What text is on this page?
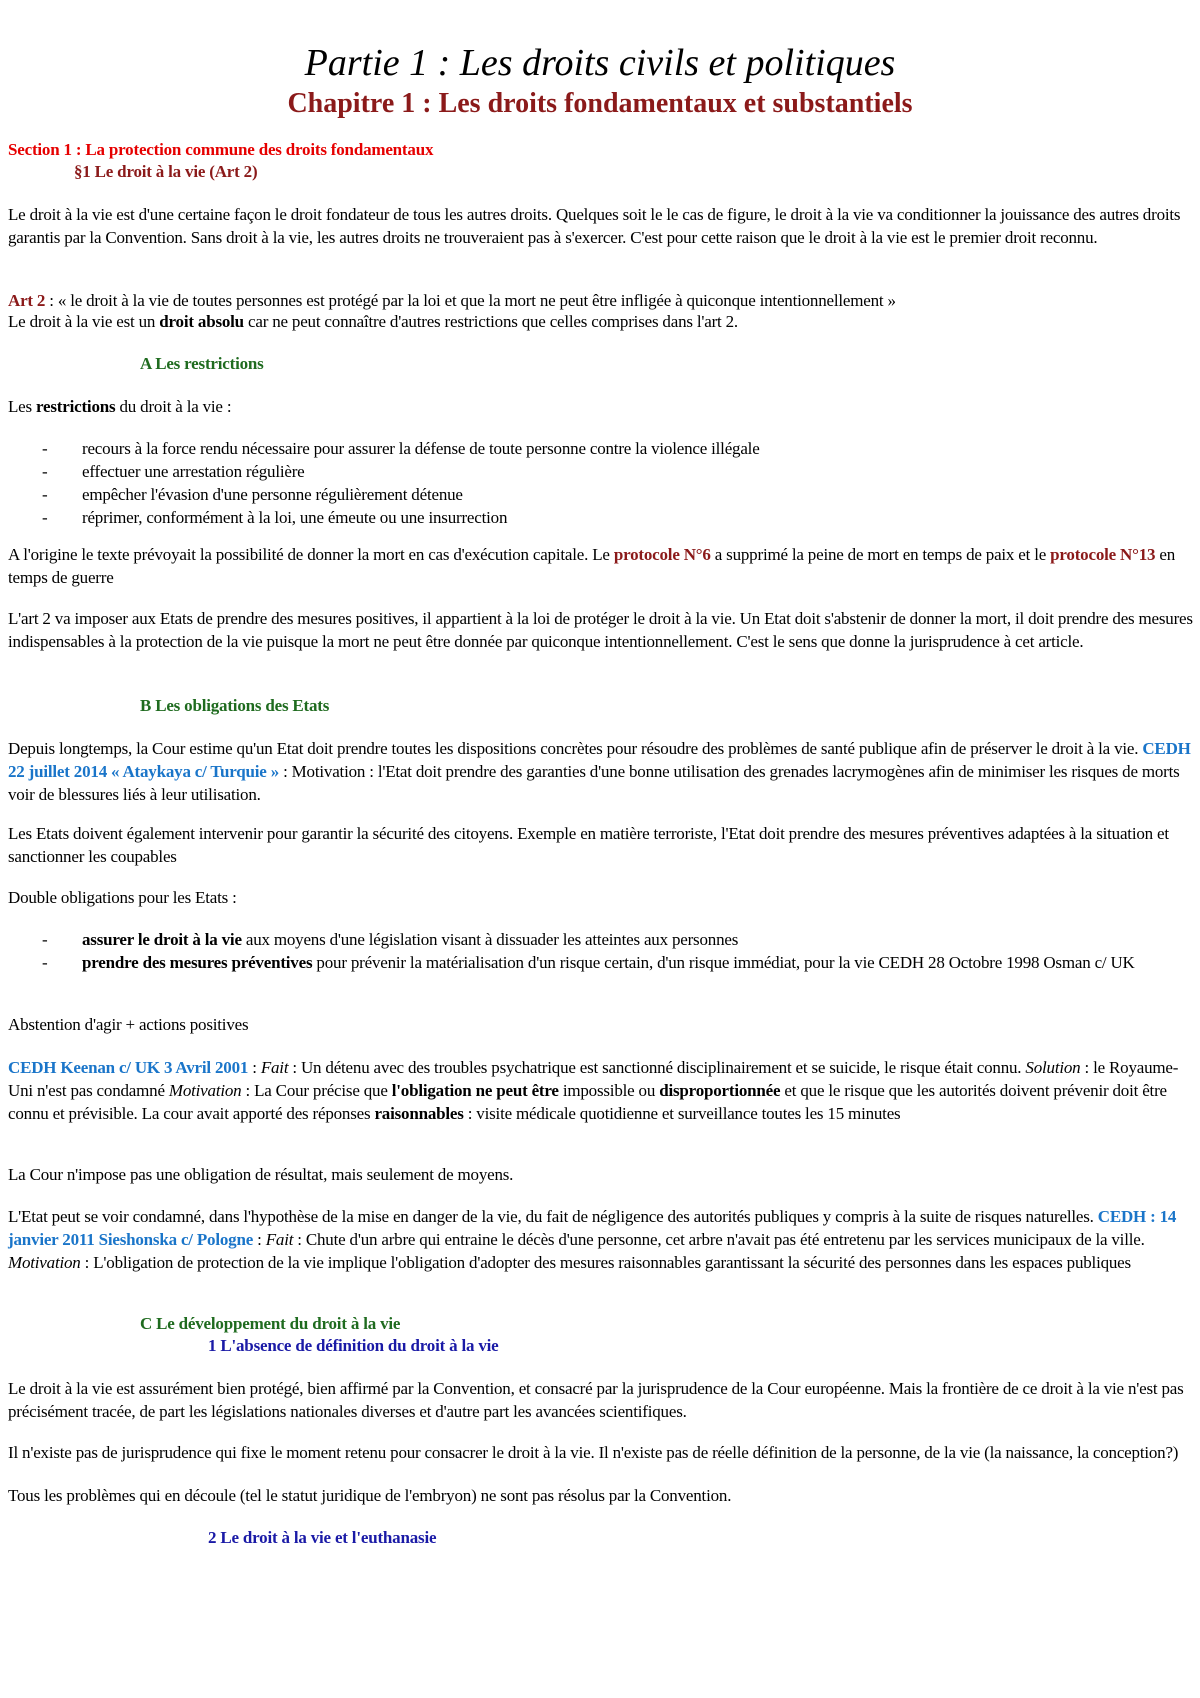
Partie 1 : Les droits civils et politiques
Chapitre 1 : Les droits fondamentaux et substantiels
Section 1 : La protection commune des droits fondamentaux
§1 Le droit à la vie (Art 2)
Le droit à la vie est d'une certaine façon le droit fondateur de tous les autres droits. Quelques soit le le cas de figure, le droit à la vie va conditionner la jouissance des autres droits garantis par la Convention. Sans droit à la vie, les autres droits ne trouveraient pas à s'exercer. C'est pour cette raison que le droit à la vie est le premier droit reconnu.
Art 2 : « le droit à la vie de toutes personnes est protégé par la loi et que la mort ne peut être infligée à quiconque intentionnellement »
Le droit à la vie est un droit absolu car ne peut connaître d'autres restrictions que celles comprises dans l'art 2.
A Les restrictions
Les restrictions du droit à la vie :
- recours à la force rendu nécessaire pour assurer la défense de toute personne contre la violence illégale
- effectuer une arrestation régulière
- empêcher l'évasion d'une personne régulièrement détenue
- réprimer, conformément à la loi, une émeute ou une insurrection
A l'origine le texte prévoyait la possibilité de donner la mort en cas d'exécution capitale. Le protocole N°6 a supprimé la peine de mort en temps de paix et le protocole N°13 en temps de guerre
L'art 2 va imposer aux Etats de prendre des mesures positives, il appartient à la loi de protéger le droit à la vie. Un Etat doit s'abstenir de donner la mort, il doit prendre des mesures indispensables à la protection de la vie puisque la mort ne peut être donnée par quiconque intentionnellement. C'est le sens que donne la jurisprudence à cet article.
B Les obligations des Etats
Depuis longtemps, la Cour estime qu'un Etat doit prendre toutes les dispositions concrètes pour résoudre des problèmes de santé publique afin de préserver le droit à la vie. CEDH 22 juillet 2014 « Ataykaya c/ Turquie » : Motivation : l'Etat doit prendre des garanties d'une bonne utilisation des grenades lacrymogènes afin de minimiser les risques de morts voir de blessures liés à leur utilisation.
Les Etats doivent également intervenir pour garantir la sécurité des citoyens. Exemple en matière terroriste, l'Etat doit prendre des mesures préventives adaptées à la situation et sanctionner les coupables
Double obligations pour les Etats :
- assurer le droit à la vie aux moyens d'une législation visant à dissuader les atteintes aux personnes
- prendre des mesures préventives pour prévenir la matérialisation d'un risque certain, d'un risque immédiat, pour la vie CEDH 28 Octobre 1998 Osman c/ UK
Abstention d'agir + actions positives
CEDH Keenan c/ UK 3 Avril 2001 : Fait : Un détenu avec des troubles psychatrique est sanctionné disciplinairement et se suicide, le risque était connu. Solution : le Royaume-Uni n'est pas condamné Motivation : La Cour précise que l'obligation ne peut être impossible ou disproportionnée et que le risque que les autorités doivent prévenir doit être connu et prévisible. La cour avait apporté des réponses raisonnables : visite médicale quotidienne et surveillance toutes les 15 minutes
La Cour n'impose pas une obligation de résultat, mais seulement de moyens.
L'Etat peut se voir condamné, dans l'hypothèse de la mise en danger de la vie, du fait de négligence des autorités publiques y compris à la suite de risques naturelles. CEDH : 14 janvier 2011 Sieshonska c/ Pologne : Fait : Chute d'un arbre qui entraine le décès d'une personne, cet arbre n'avait pas été entretenu par les services municipaux de la ville. Motivation : L'obligation de protection de la vie implique l'obligation d'adopter des mesures raisonnables garantissant la sécurité des personnes dans les espaces publiques
C Le développement du droit à la vie
1 L'absence de définition du droit à la vie
Le droit à la vie est assurément bien protégé, bien affirmé par la Convention, et consacré par la jurisprudence de la Cour européenne. Mais la frontière de ce droit à la vie n'est pas précisément tracée, de part les législations nationales diverses et d'autre part les avancées scientifiques.
Il n'existe pas de jurisprudence qui fixe le moment retenu pour consacrer le droit à la vie. Il n'existe pas de réelle définition de la personne, de la vie (la naissance, la conception?)
Tous les problèmes qui en découle (tel le statut juridique de l'embryon) ne sont pas résolus par la Convention.
2 Le droit à la vie et l'euthanasie
